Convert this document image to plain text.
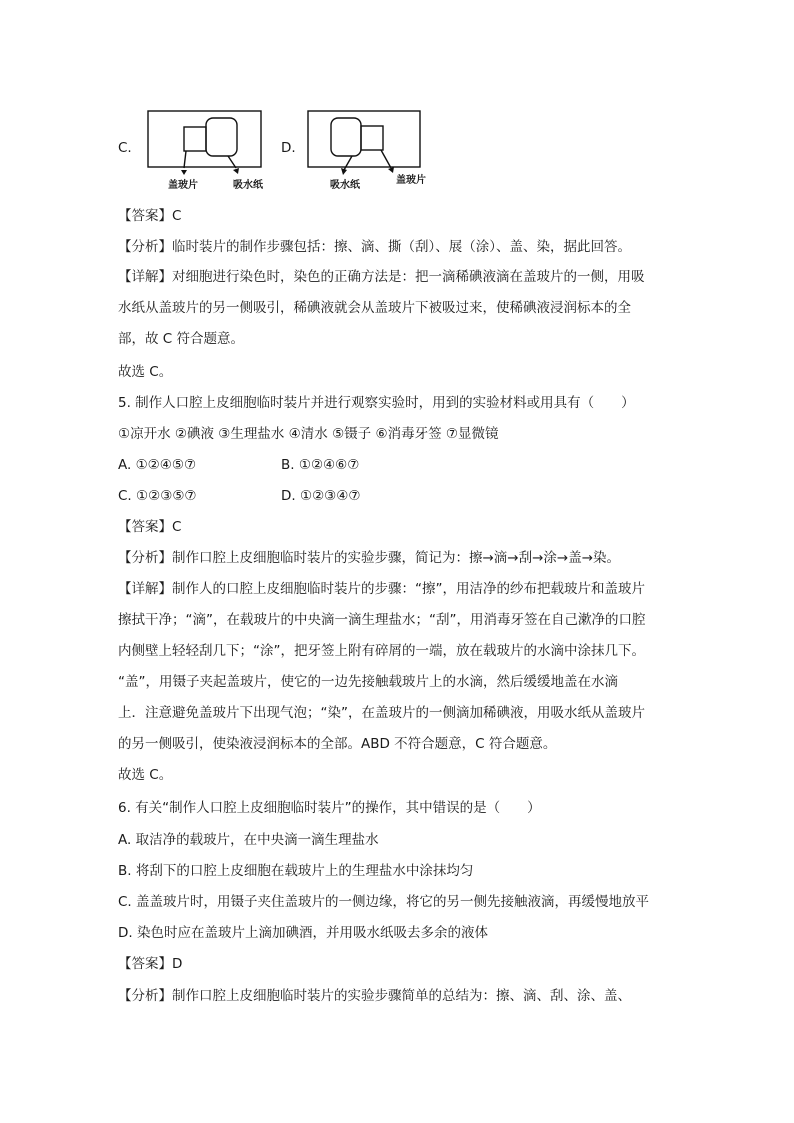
C.	D.
盖玻片	吸水纸	吸水纸	盖玻片
【答案】C
【分析】临时装片的制作步骤包括：擦、滴、撕（刮）、展（涂）、盖、染，据此回答。
【详解】对细胞进行染色时，染色的正确方法是：把一滴稀碘液滴在盖玻片的一侧，用吸
水纸从盖玻片的另一侧吸引，稀碘液就会从盖玻片下被吸过来，使稀碘液浸润标本的全
部，故 C 符合题意。
故选 C。
5. 制作人口腔上皮细胞临时装片并进行观察实验时，用到的实验材料或用具有（　　）
①凉开水 ②碘液 ③生理盐水 ④清水 ⑤镊子 ⑥消毒牙签 ⑦显微镜
A. ①②④⑤⑦	B. ①②④⑥⑦
C. ①②③⑤⑦	D. ①②③④⑦
【答案】C
【分析】制作口腔上皮细胞临时装片的实验步骤，简记为：擦→滴→刮→涂→盖→染。
【详解】制作人的口腔上皮细胞临时装片的步骤：“擦”，用洁净的纱布把载玻片和盖玻片
擦拭干净；“滴”，在载玻片的中央滴一滴生理盐水；“刮”，用消毒牙签在自己漱净的口腔
内侧壁上轻轻刮几下；“涂”，把牙签上附有碎屑的一端，放在载玻片的水滴中涂抹几下。
“盖”，用镊子夹起盖玻片，使它的一边先接触载玻片上的水滴，然后缓缓地盖在水滴
上．注意避免盖玻片下出现气泡；“染”，在盖玻片的一侧滴加稀碘液，用吸水纸从盖玻片
的另一侧吸引，使染液浸润标本的全部。ABD 不符合题意，C 符合题意。
故选 C。
6. 有关“制作人口腔上皮细胞临时装片”的操作，其中错误的是（　　）
A. 取洁净的载玻片，在中央滴一滴生理盐水
B. 将刮下的口腔上皮细胞在载玻片上的生理盐水中涂抹均匀
C. 盖盖玻片时，用镊子夹住盖玻片的一侧边缘，将它的另一侧先接触液滴，再缓慢地放平
D. 染色时应在盖玻片上滴加碘酒，并用吸水纸吸去多余的液体
【答案】D
【分析】制作口腔上皮细胞临时装片的实验步骤简单的总结为：擦、滴、刮、涂、盖、
